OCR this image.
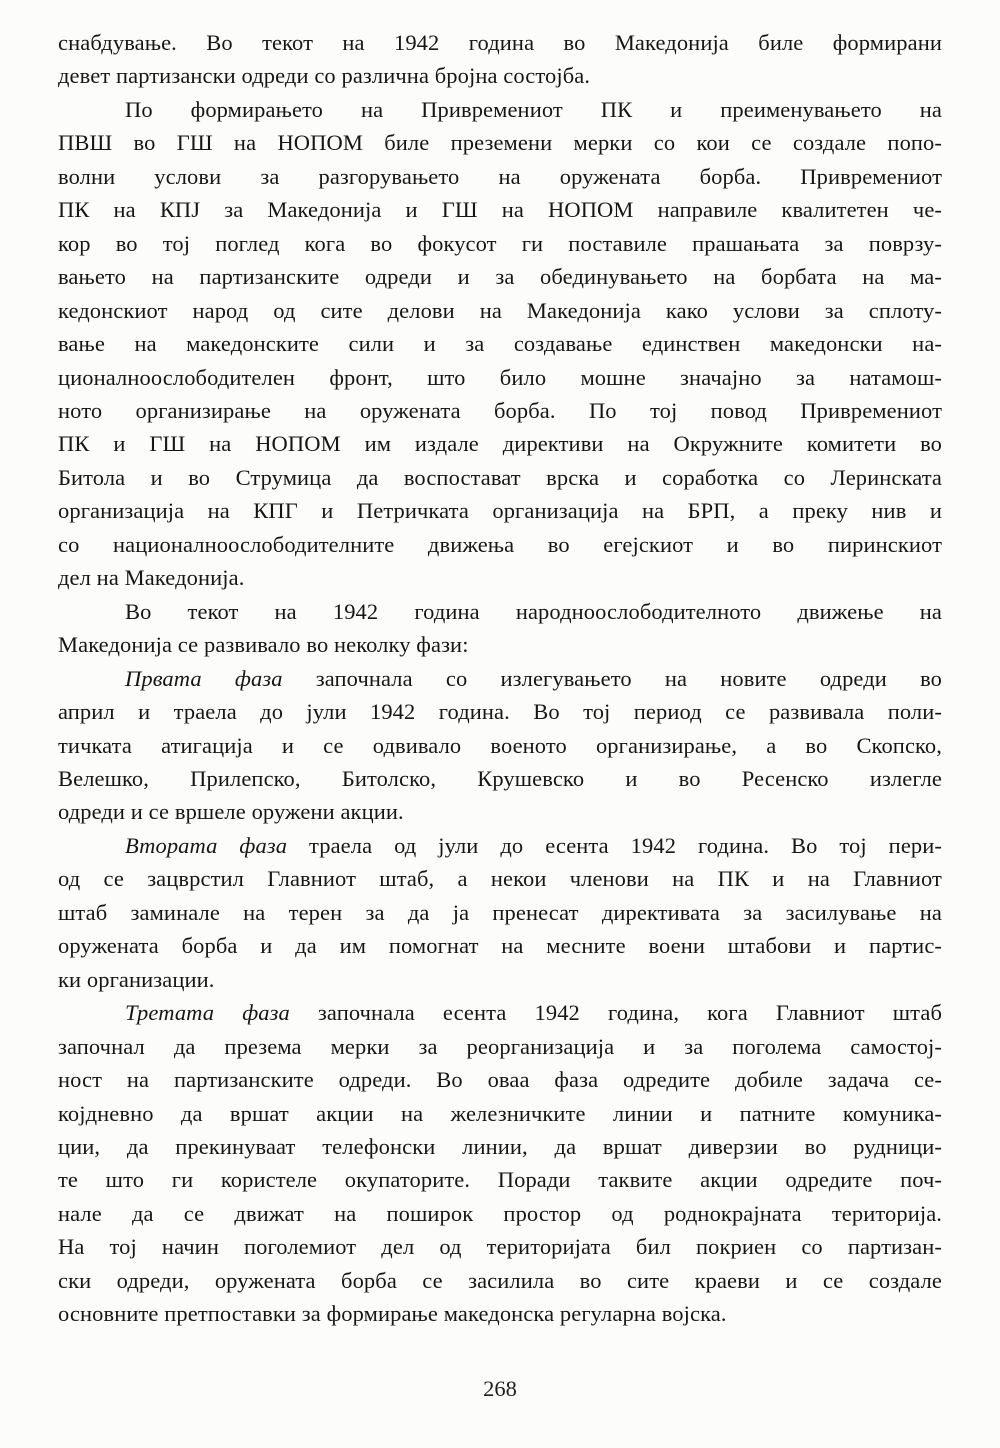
снабдување. Во текот на 1942 година во Македонија биле формирани
девет партизански одреди со различна бројна состојба.
По формирањето на Привремениот ПК и преименувањето на
ПВШ во ГШ на НОПОМ биле преземени мерки со кои се создале попо-
волни услови за разгорувањето на оружената борба. Привремениот
ПК на КПЈ за Македонија и ГШ на НОПОМ направиле квалитетен че-
кор во тој поглед кога во фокусот ги поставиле прашањата за поврзу-
вањето на партизанските одреди и за обединувањето на борбата на ма-
кедонскиот народ од сите делови на Македонија како услови за сплоту-
вање на македонските сили и за создавање единствен македонски на-
ционалноослободителен фронт, што било мошне значајно за натамош-
ното организирање на оружената борба. По тој повод Привремениот
ПК и ГШ на НОПОМ им издале директиви на Окружните комитети во
Битола и во Струмица да воспостават врска и соработка со Леринската
организација на КПГ и Петричката организација на БРП, а преку нив и
со националноослободителните движења во егејскиот и во пиринскиот
дел на Македонија.
Во текот на 1942 година народноослободителното движење на
Македонија се развивало во неколку фази:
Првата фаза започнала со излегувањето на новите одреди во
април и траела до јули 1942 година. Во тој период се развивала поли-
тичката атигација и се одвивало военото организирање, а во Скопско,
Велешко, Прилепско, Битолско, Крушевско и во Ресенско излегле
одреди и се вршеле оружени акции.
Втората фаза траела од јули до есента 1942 година. Во тој пери-
од се зацврстил Главниот штаб, а некои членови на ПК и на Главниот
штаб заминале на терен за да ја пренесат директивата за засилување на
оружената борба и да им помогнат на месните воени штабови и партис-
ки организации.
Третата фаза започнала есента 1942 година, кога Главниот штаб
започнал да презема мерки за реорганизација и за поголема самостој-
ност на партизанските одреди. Во оваа фаза одредите добиле задача се-
којдневно да вршат акции на железничките линии и патните комуника-
ции, да прекинуваат телефонски линии, да вршат диверзии во рудници-
те што ги користеле окупаторите. Поради таквите акции одредите поч-
нале да се движат на поширок простор од роднокрајната територија.
На тој начин поголемиот дел од територијата бил покриен со партизан-
ски одреди, оружената борба се засилила во сите краеви и се создале
основните претпоставки за формирање македонска регуларна војска.
268
